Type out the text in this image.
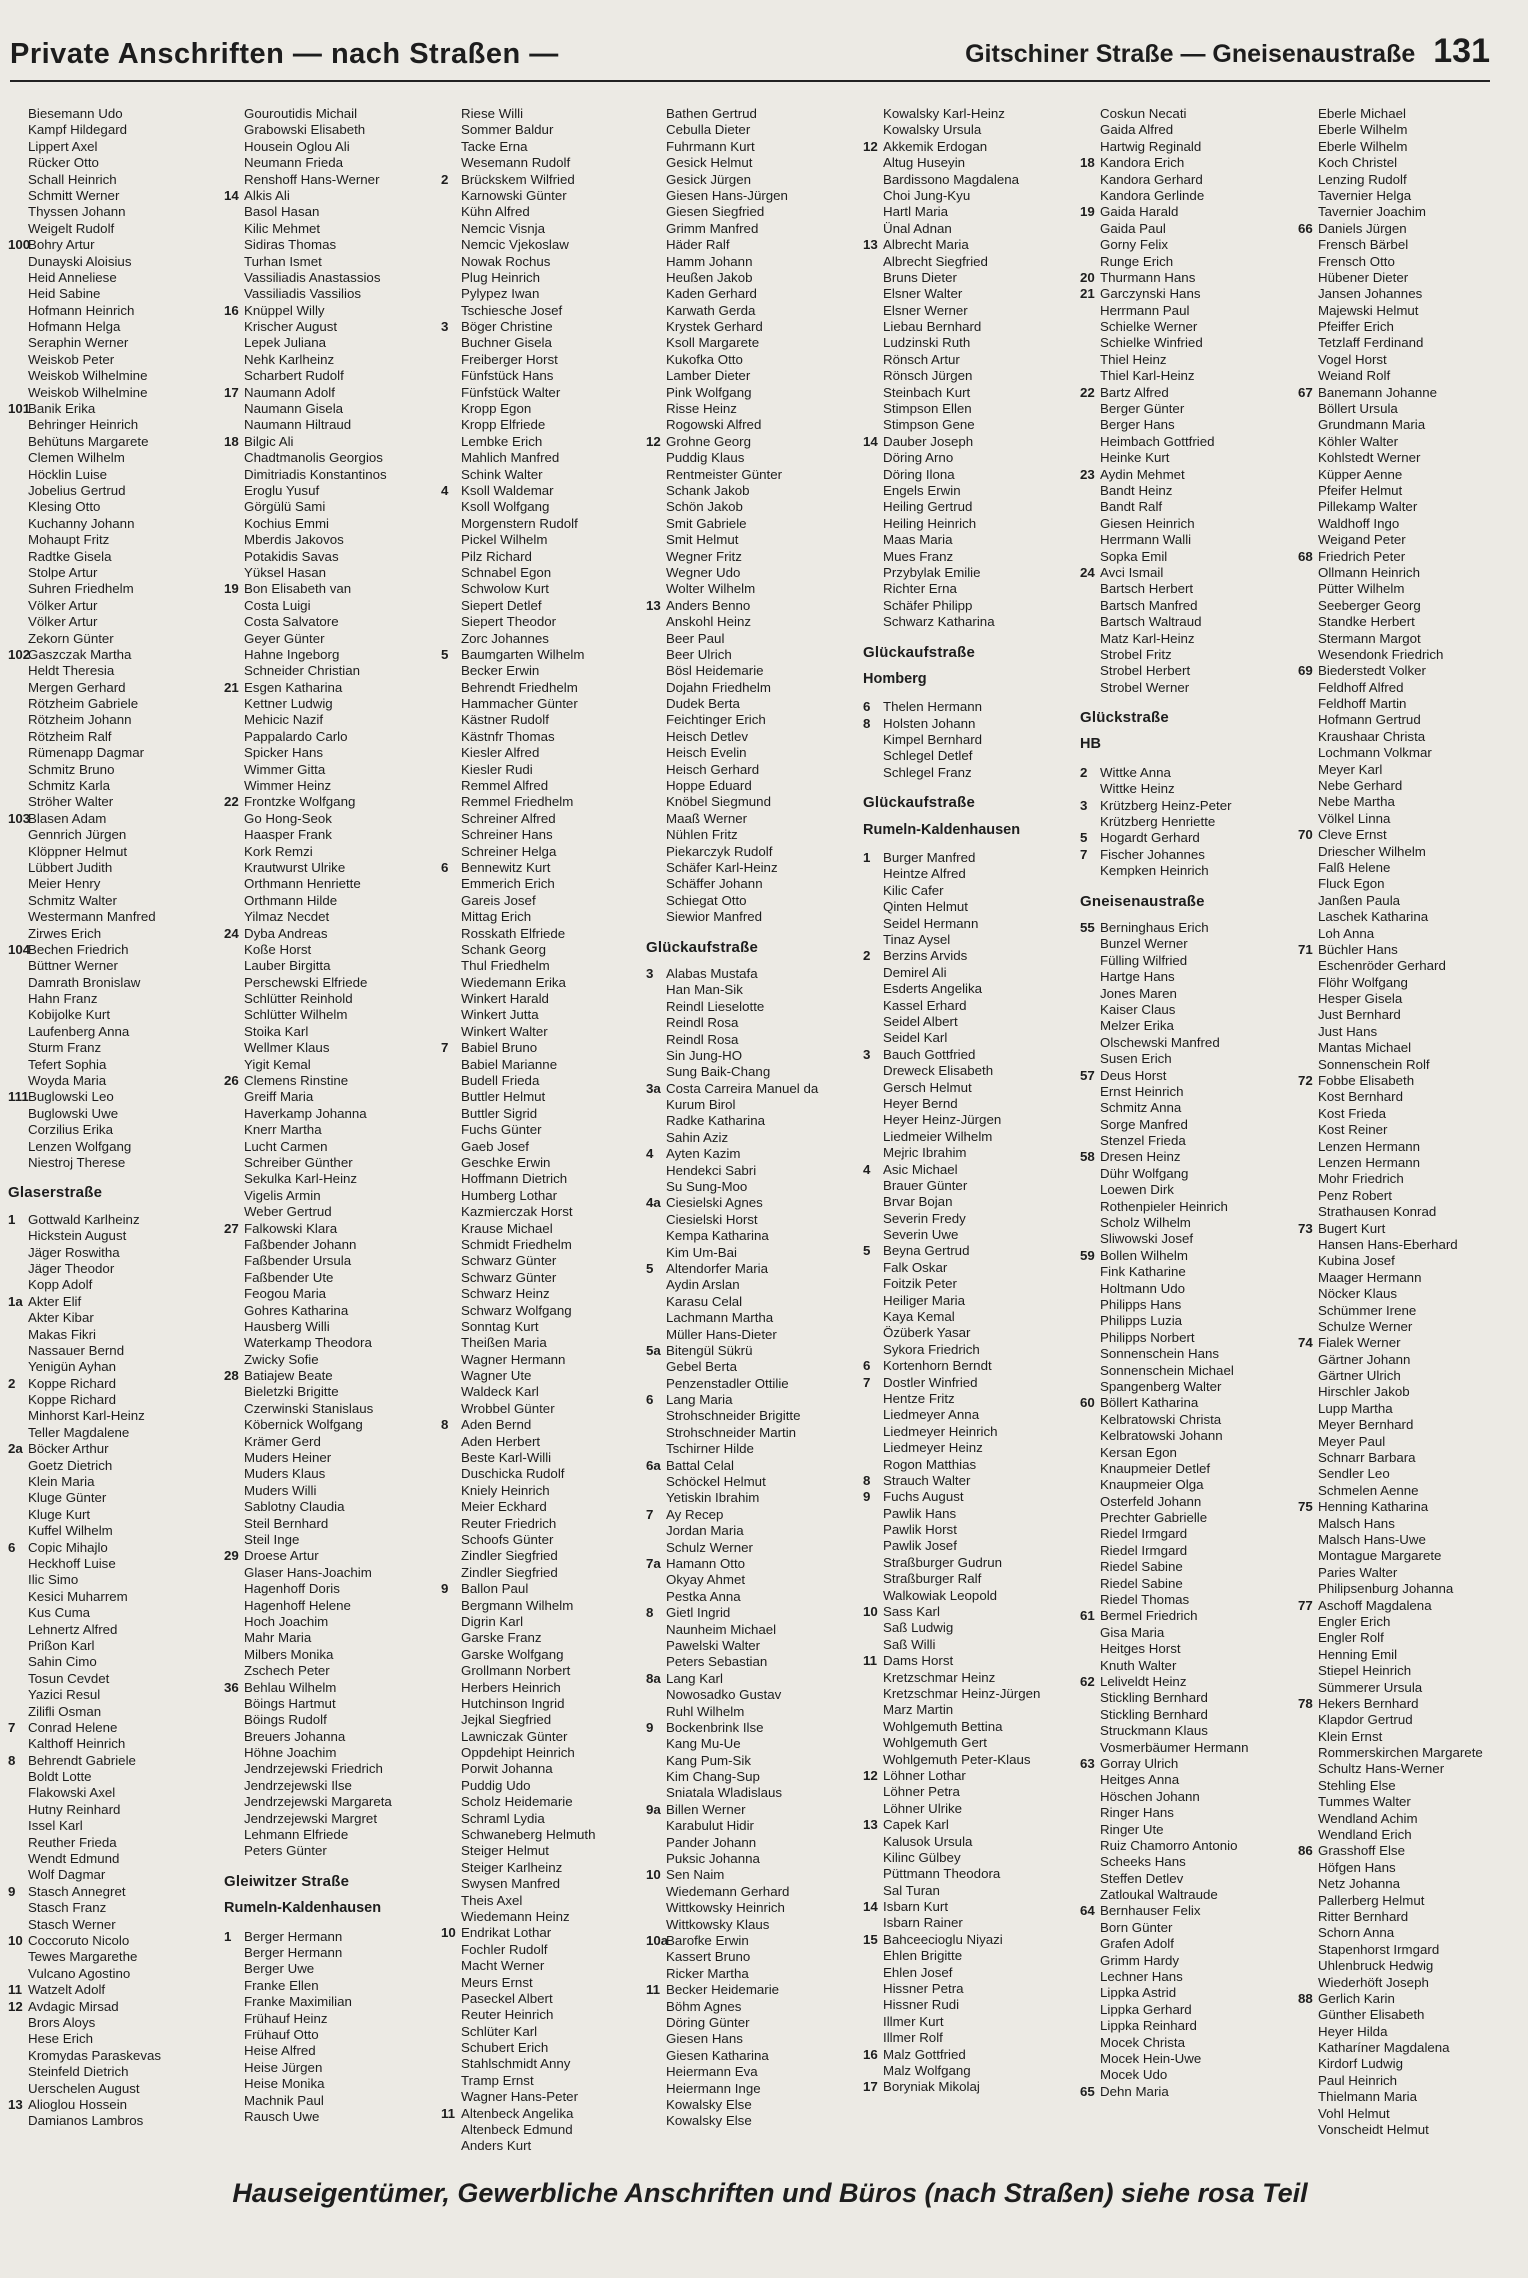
Private Anschriften — nach Straßen —	Gitschiner Straße — Gneisenaustraße 131
Biesemann Udo
Kampf Hildegard
Lippert Axel
Rücker Otto
Schall Heinrich
Schmitt Werner
Thyssen Johann
Weigelt Rudolf
100Bohry Artur
Dunayski Aloisius
Heid Anneliese
Heid Sabine
Hofmann Heinrich
Hofmann Helga
Seraphin Werner
Weiskob Peter
Weiskob Wilhelmine
Weiskob Wilhelmine
101Banik Erika
Behringer Heinrich
Behütuns Margarete
Clemen Wilhelm
Höcklin Luise
Jobelius Gertrud
Klesing Otto
Kuchanny Johann
Mohaupt Fritz
Radtke Gisela
Stolpe Artur
Suhren Friedhelm
Völker Artur
Völker Artur
Zekorn Günter
102Gaszczak Martha
Heldt Theresia
Mergen Gerhard
Rötzheim Gabriele
Rötzheim Johann
Rötzheim Ralf
Rümenapp Dagmar
Schmitz Bruno
Schmitz Karla
Ströher Walter
103Blasen Adam
Gennrich Jürgen
Klöppner Helmut
Lübbert Judith
Meier Henry
Schmitz Walter
Westermann Manfred
Zirwes Erich
104Bechen Friedrich
Büttner Werner
Damrath Bronislaw
Hahn Franz
Kobijolke Kurt
Laufenberg Anna
Sturm Franz
Tefert Sophia
Woyda Maria
111Buglowski Leo
Buglowski Uwe
Corzilius Erika
Lenzen Wolfgang
Niestroj Therese
Glaserstraße
1 Gottwald Karlheinz
Hickstein August
Jäger Roswitha
Jäger Theodor
Kopp Adolf
1a Akter Elif
Akter Kibar
Makas Fikri
Nassauer Bernd
Yenigün Ayhan
2 Koppe Richard
Koppe Richard
Minhorst Karl-Heinz
Teller Magdalene
2a Böcker Arthur
Goetz Dietrich
Klein Maria
Kluge Günter
Kluge Kurt
Kuffel Wilhelm
6 Copic Mihajlo
Heckhoff Luise
Ilic Simo
Kesici Muharrem
Kus Cuma
Lehnertz Alfred
Prißon Karl
Sahin Cimo
Tosun Cevdet
Yazici Resul
Zilifli Osman
7 Conrad Helene
Kalthoff Heinrich
8 Behrendt Gabriele
Boldt Lotte
Flakowski Axel
Hutny Reinhard
Issel Karl
Reuther Frieda
Wendt Edmund
Wolf Dagmar
9 Stasch Annegret
Stasch Franz
Stasch Werner
10 Coccoruto Nicolo
Tewes Margarethe
Vulcano Agostino
11 Watzelt Adolf
12 Avdagic Mirsad
Brors Aloys
Hese Erich
Kromydas Paraskevas
Steinfeld Dietrich
Uerschelen August
13 Alioglou Hossein
Damianos Lambros
Gouroutidis Michail
Grabowski Elisabeth
Housein Oglou Ali
Neumann Frieda
Renshoff Hans-Werner
14 Alkis Ali
Basol Hasan
Kilic Mehmet
Sidiras Thomas
Turhan Ismet
Vassiliadis Anastassios
Vassiliadis Vassilios
16 Knüppel Willy
Krischer August
Lepek Juliana
Nehk Karlheinz
Scharbert Rudolf
17 Naumann Adolf
Naumann Gisela
Naumann Hiltraud
18 Bilgic Ali
Chadtmanolis Georgios
Dimitriadis Konstantinos
Eroglu Yusuf
Görgülü Sami
Kochius Emmi
Mberdis Jakovos
Potakidis Savas
Yüksel Hasan
19 Bon Elisabeth van
Costa Luigi
Costa Salvatore
Geyer Günter
Hahne Ingeborg
Schneider Christian
21 Esgen Katharina
Kettner Ludwig
Mehicic Nazif
Pappalardo Carlo
Spicker Hans
Wimmer Gitta
Wimmer Heinz
22 Frontzke Wolfgang
Go Hong-Seok
Haasper Frank
Kork Remzi
Krautwurst Ulrike
Orthmann Henriette
Orthmann Hilde
Yilmaz Necdet
24 Dyba Andreas
Koße Horst
Lauber Birgitta
Perschewski Elfriede
Schlütter Reinhold
Schlütter Wilhelm
Stoika Karl
Wellmer Klaus
Yigit Kemal
26 Clemens Rinstine
Greiff Maria
Haverkamp Johanna
Knerr Martha
Lucht Carmen
Schreiber Günther
Sekulka Karl-Heinz
Vigelis Armin
Weber Gertrud
27 Falkowski Klara
Faßbender Johann
Faßbender Ursula
Faßbender Ute
Feogou Maria
Gohres Katharina
Hausberg Willi
Waterkamp Theodora
Zwicky Sofie
28 Batiajew Beate
Bieletzki Brigitte
Czerwinski Stanislaus
Köbernick Wolfgang
Krämer Gerd
Muders Heiner
Muders Klaus
Muders Willi
Sablotny Claudia
Steil Bernhard
Steil Inge
29 Droese Artur
Glaser Hans-Joachim
Hagenhoff Doris
Hagenhoff Helene
Hoch Joachim
Mahr Maria
Milbers Monika
Zschech Peter
36 Behlau Wilhelm
Böings Hartmut
Böings Rudolf
Breuers Johanna
Höhne Joachim
Jendrzejewski Friedrich
Jendrzejewski Ilse
Jendrzejewski Margareta
Jendrzejewski Margret
Lehmann Elfriede
Peters Günter
Gleiwitzer Straße
Rumeln-Kaldenhausen
1 Berger Hermann
Berger Hermann
Berger Uwe
Franke Ellen
Franke Maximilian
Frühauf Heinz
Frühauf Otto
Heise Alfred
Heise Jürgen
Heise Monika
Machnik Paul
Rausch Uwe
Riese Willi
Sommer Baldur
Tacke Erna
Wesemann Rudolf
2 Brückskem Wilfried
Karnowski Günter
Kühn Alfred
Nemcic Visnja
Nemcic Vjekoslaw
Nowak Rochus
Plug Heinrich
Pylypez Iwan
Tschiesche Josef
3 Böger Christine
Buchner Gisela
Freiberger Horst
Fünfstück Hans
Fünfstück Walter
Kropp Egon
Kropp Elfriede
Lembke Erich
Mahlich Manfred
Schink Walter
4 Ksoll Waldemar
Ksoll Wolfgang
Morgenstern Rudolf
Pickel Wilhelm
Pilz Richard
Schnabel Egon
Schwolow Kurt
Siepert Detlef
Siepert Theodor
Zorc Johannes
5 Baumgarten Wilhelm
Becker Erwin
Behrendt Friedhelm
Hammacher Günter
Kästner Rudolf
Kästnfr Thomas
Kiesler Alfred
Kiesler Rudi
Remmel Alfred
Remmel Friedhelm
Schreiner Alfred
Schreiner Hans
Schreiner Helga
6 Bennewitz Kurt
Emmerich Erich
Gareis Josef
Mittag Erich
Rosskath Elfriede
Schank Georg
Thul Friedhelm
Wiedemann Erika
Winkert Harald
Winkert Jutta
Winkert Walter
7 Babiel Bruno
Babiel Marianne
Budell Frieda
Buttler Helmut
Buttler Sigrid
Fuchs Günter
Gaeb Josef
Geschke Erwin
Hoffmann Dietrich
Humberg Lothar
Kazmierczak Horst
Krause Michael
Schmidt Friedhelm
Schwarz Günter
Schwarz Günter
Schwarz Heinz
Schwarz Wolfgang
Sonntag Kurt
Theißen Maria
Wagner Hermann
Wagner Ute
Waldeck Karl
Wrobbel Günter
8 Aden Bernd
Aden Herbert
Beste Karl-Willi
Duschicka Rudolf
Kniely Heinrich
Meier Eckhard
Reuter Friedrich
Schoofs Günter
Zindler Siegfried
Zindler Siegfried
9 Ballon Paul
Bergmann Wilhelm
Digrin Karl
Garske Franz
Garske Wolfgang
Grollmann Norbert
Herbers Heinrich
Hutchinson Ingrid
Jejkal Siegfried
Lawniczak Günter
Oppdehipt Heinrich
Porwit Johanna
Puddig Udo
Scholz Heidemarie
Schraml Lydia
Schwaneberg Helmuth
Steiger Helmut
Steiger Karlheinz
Swysen Manfred
Theis Axel
Wiedemann Heinz
10 Endrikat Lothar
Fochler Rudolf
Macht Werner
Meurs Ernst
Paseckel Albert
Reuter Heinrich
Schlüter Karl
Schubert Erich
Stahlschmidt Anny
Tramp Ernst
Wagner Hans-Peter
11 Altenbeck Angelika
Altenbeck Edmund
Anders Kurt
Bathen Gertrud
Cebulla Dieter
Fuhrmann Kurt
Gesick Helmut
Gesick Jürgen
Giesen Hans-Jürgen
Giesen Siegfried
Grimm Manfred
Häder Ralf
Hamm Johann
Heußen Jakob
Kaden Gerhard
Karwath Gerda
Krystek Gerhard
Ksoll Margarete
Kukofka Otto
Lamber Dieter
Pink Wolfgang
Risse Heinz
Rogowski Alfred
12 Grohne Georg
Puddig Klaus
Rentmeister Günter
Schank Jakob
Schön Jakob
Smit Gabriele
Smit Helmut
Wegner Fritz
Wegner Udo
Wolter Wilhelm
13 Anders Benno
Anskohl Heinz
Beer Paul
Beer Ulrich
Bösl Heidemarie
Dojahn Friedhelm
Dudek Berta
Feichtinger Erich
Heisch Detlev
Heisch Evelin
Heisch Gerhard
Hoppe Eduard
Knöbel Siegmund
Maaß Werner
Nühlen Fritz
Piekarczyk Rudolf
Schäfer Karl-Heinz
Schäffer Johann
Schiegat Otto
Siewior Manfred
Glückaufstraße
3 Alabas Mustafa
Han Man-Sik
Reindl Lieselotte
Reindl Rosa
Reindl Rosa
Sin Jung-HO
Sung Baik-Chang
3a Costa Carreira Manuel da
Kurum Birol
Radke Katharina
Sahin Aziz
4 Ayten Kazim
Hendekci Sabri
Su Sung-Moo
4a Ciesielski Agnes
Ciesielski Horst
Kempa Katharina
Kim Um-Bai
5 Altendorfer Maria
Aydin Arslan
Karasu Celal
Lachmann Martha
Müller Hans-Dieter
5a Bitengül Sükrü
Gebel Berta
Penzenstadler Ottilie
6 Lang Maria
Strohschneider Brigitte
Strohschneider Martin
Tschirner Hilde
6a Battal Celal
Schöckel Helmut
Yetiskin Ibrahim
7 Ay Recep
Jordan Maria
Schulz Werner
7a Hamann Otto
Okyay Ahmet
Pestka Anna
8 Gietl Ingrid
Naunheim Michael
Pawelski Walter
Peters Sebastian
8a Lang Karl
Nowosadko Gustav
Ruhl Wilhelm
9 Bockenbrink Ilse
Kang Mu-Ue
Kang Pum-Sik
Kim Chang-Sup
Sniatala Wladislaus
9a Billen Werner
Karabulut Hidir
Pander Johann
Puksic Johanna
10 Sen Naim
Wiedemann Gerhard
Wittkowsky Heinrich
Wittkowsky Klaus
10aBarofke Erwin
Kassert Bruno
Ricker Martha
11 Becker Heidemarie
Böhm Agnes
Döring Günter
Giesen Hans
Giesen Katharina
Heiermann Eva
Heiermann Inge
Kowalsky Else
Kowalsky Else
Kowalsky Karl-Heinz
Kowalsky Ursula
12 Akkemik Erdogan
Altug Huseyin
Bardissono Magdalena
Choi Jung-Kyu
Hartl Maria
Ünal Adnan
13 Albrecht Maria
Albrecht Siegfried
Bruns Dieter
Elsner Walter
Elsner Werner
Liebau Bernhard
Ludzinski Ruth
Rönsch Artur
Rönsch Jürgen
Steinbach Kurt
Stimpson Ellen
Stimpson Gene
14 Dauber Joseph
Döring Arno
Döring Ilona
Engels Erwin
Heiling Gertrud
Heiling Heinrich
Maas Maria
Mues Franz
Przybylak Emilie
Richter Erna
Schäfer Philipp
Schwarz Katharina
Glückaufstraße
Homberg
6 Thelen Hermann
8 Holsten Johann
Kimpel Bernhard
Schlegel Detlef
Schlegel Franz
Glückaufstraße
Rumeln-Kaldenhausen
1 Burger Manfred
Heintze Alfred
Kilic Cafer
Qinten Helmut
Seidel Hermann
Tinaz Aysel
2 Berzins Arvids
Demirel Ali
Esderts Angelika
Kassel Erhard
Seidel Albert
Seidel Karl
3 Bauch Gottfried
Dreweck Elisabeth
Gersch Helmut
Heyer Bernd
Heyer Heinz-Jürgen
Liedmeier Wilhelm
Mejric Ibrahim
4 Asic Michael
Brauer Günter
Brvar Bojan
Severin Fredy
Severin Uwe
5 Beyna Gertrud
Falk Oskar
Foitzik Peter
Heiliger Maria
Kaya Kemal
Özüberk Yasar
Sykora Friedrich
6 Kortenhorn Berndt
7 Dostler Winfried
Hentze Fritz
Liedmeyer Anna
Liedmeyer Heinrich
Liedmeyer Heinz
Rogon Matthias
8 Strauch Walter
9 Fuchs August
Pawlik Hans
Pawlik Horst
Pawlik Josef
Straßburger Gudrun
Straßburger Ralf
Walkowiak Leopold
10 Sass Karl
Saß Ludwig
Saß Willi
11 Dams Horst
Kretzschmar Heinz
Kretzschmar Heinz-Jürgen
Marz Martin
Wohlgemuth Bettina
Wohlgemuth Gert
Wohlgemuth Peter-Klaus
12 Löhner Lothar
Löhner Petra
Löhner Ulrike
13 Capek Karl
Kalusok Ursula
Kilinc Gülbey
Püttmann Theodora
Sal Turan
14 Isbarn Kurt
Isbarn Rainer
15 Bahceecioglu Niyazi
Ehlen Brigitte
Ehlen Josef
Hissner Petra
Hissner Rudi
Illmer Kurt
Illmer Rolf
16 Malz Gottfried
Malz Wolfgang
17 Boryniak Mikolaj
Coskun Necati
Gaida Alfred
Hartwig Reginald
18 Kandora Erich
Kandora Gerhard
Kandora Gerlinde
19 Gaida Harald
Gaida Paul
Gorny Felix
Runge Erich
20 Thurmann Hans
21 Garczynski Hans
Herrmann Paul
Schielke Werner
Schielke Winfried
Thiel Heinz
Thiel Karl-Heinz
22 Bartz Alfred
Berger Günter
Berger Hans
Heimbach Gottfried
Heinke Kurt
23 Aydin Mehmet
Bandt Heinz
Bandt Ralf
Giesen Heinrich
Herrmann Walli
Sopka Emil
24 Avci Ismail
Bartsch Herbert
Bartsch Manfred
Bartsch Waltraud
Matz Karl-Heinz
Strobel Fritz
Strobel Herbert
Strobel Werner
Glückstraße
HB
2 Wittke Anna
Wittke Heinz
3 Krützberg Heinz-Peter
Krützberg Henriette
5 Hogardt Gerhard
7 Fischer Johannes
Kempken Heinrich
Gneisenaustraße
55 Berninghaus Erich
Bunzel Werner
Fülling Wilfried
Hartge Hans
Jones Maren
Kaiser Claus
Melzer Erika
Olschewski Manfred
Susen Erich
57 Deus Horst
Ernst Heinrich
Schmitz Anna
Sorge Manfred
Stenzel Frieda
58 Dresen Heinz
Dühr Wolfgang
Loewen Dirk
Rothenpieler Heinrich
Scholz Wilhelm
Sliwowski Josef
59 Bollen Wilhelm
Fink Katharine
Holtmann Udo
Philipps Hans
Philipps Luzia
Philipps Norbert
Sonnenschein Hans
Sonnenschein Michael
Spangenberg Walter
60 Böllert Katharina
Kelbratowski Christa
Kelbratowski Johann
Kersan Egon
Knaupmeier Detlef
Knaupmeier Olga
Osterfeld Johann
Prechter Gabrielle
Riedel Irmgard
Riedel Irmgard
Riedel Sabine
Riedel Sabine
Riedel Thomas
61 Bermel Friedrich
Gisa Maria
Heitges Horst
Knuth Walter
62 Leliveldt Heinz
Stickling Bernhard
Stickling Bernhard
Struckmann Klaus
Vosmerbäumer Hermann
63 Gorray Ulrich
Heitges Anna
Höschen Johann
Ringer Hans
Ringer Ute
Ruiz Chamorro Antonio
Scheeks Hans
Steffen Detlev
Zatloukal Waltraude
64 Bernhauser Felix
Born Günter
Grafen Adolf
Grimm Hardy
Lechner Hans
Lippka Astrid
Lippka Gerhard
Lippka Reinhard
Mocek Christa
Mocek Hein-Uwe
Mocek Udo
65 Dehn Maria
Eberle Michael
Eberle Wilhelm
Eberle Wilhelm
Koch Christel
Lenzing Rudolf
Tavernier Helga
Tavernier Joachim
66 Daniels Jürgen
Frensch Bärbel
Frensch Otto
Hübener Dieter
Jansen Johannes
Majewski Helmut
Pfeiffer Erich
Tetzlaff Ferdinand
Vogel Horst
Weiand Rolf
67 Banemann Johanne
Böllert Ursula
Grundmann Maria
Köhler Walter
Kohlstedt Werner
Küpper Aenne
Pfeifer Helmut
Pillekamp Walter
Waldhoff Ingo
Weigand Peter
68 Friedrich Peter
Ollmann Heinrich
Pütter Wilhelm
Seeberger Georg
Standke Herbert
Stermann Margot
Wesendonk Friedrich
69 Biederstedt Volker
Feldhoff Alfred
Feldhoff Martin
Hofmann Gertrud
Kraushaar Christa
Lochmann Volkmar
Meyer Karl
Nebe Gerhard
Nebe Martha
Völkel Linna
70 Cleve Ernst
Driescher Wilhelm
Falß Helene
Fluck Egon
Janßen Paula
Laschek Katharina
Loh Anna
71 Büchler Hans
Eschenröder Gerhard
Flöhr Wolfgang
Hesper Gisela
Just Bernhard
Just Hans
Mantas Michael
Sonnenschein Rolf
72 Fobbe Elisabeth
Kost Bernhard
Kost Frieda
Kost Reiner
Lenzen Hermann
Lenzen Hermann
Mohr Friedrich
Penz Robert
Strathausen Konrad
73 Bugert Kurt
Hansen Hans-Eberhard
Kubina Josef
Maager Hermann
Nöcker Klaus
Schümmer Irene
Schulze Werner
74 Fialek Werner
Gärtner Johann
Gärtner Ulrich
Hirschler Jakob
Lupp Martha
Meyer Bernhard
Meyer Paul
Schnarr Barbara
Sendler Leo
Schmelen Aenne
75 Henning Katharina
Malsch Hans
Malsch Hans-Uwe
Montague Margarete
Paries Walter
Philipsenburg Johanna
77 Aschoff Magdalena
Engler Erich
Engler Rolf
Henning Emil
Stiepel Heinrich
Sümmerer Ursula
78 Hekers Bernhard
Klapdor Gertrud
Klein Ernst
Rommerskirchen Margarete
Schultz Hans-Werner
Stehling Else
Tummes Walter
Wendland Achim
Wendland Erich
86 Grasshoff Else
Höfgen Hans
Netz Johanna
Pallerberg Helmut
Ritter Bernhard
Schorn Anna
Stapenhorst Irmgard
Uhlenbruck Hedwig
Wiederhöft Joseph
88 Gerlich Karin
Günther Elisabeth
Heyer Hilda
Katharíner Magdalena
Kirdorf Ludwig
Paul Heinrich
Thielmann Maria
Vohl Helmut
Vonscheidt Helmut
Hauseigentümer, Gewerbliche Anschriften und Büros (nach Straßen) siehe rosa Teil
